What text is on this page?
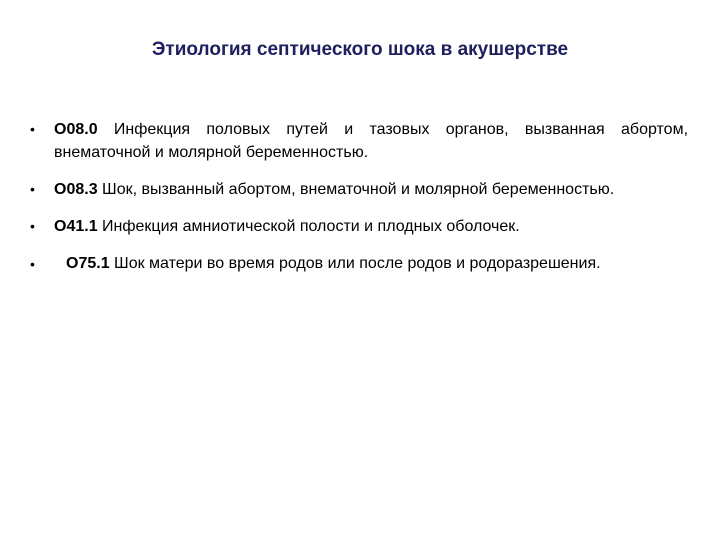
Этиология септического шока в акушерстве
• O08.0 Инфекция половых путей и тазовых органов, вызванная абортом, внематочной и молярной беременностью.
• O08.3 Шок, вызванный абортом, внематочной и молярной беременностью.
• O41.1 Инфекция амниотической полости и плодных оболочек.
• O75.1 Шок матери во время родов или после родов и родоразрешения.
